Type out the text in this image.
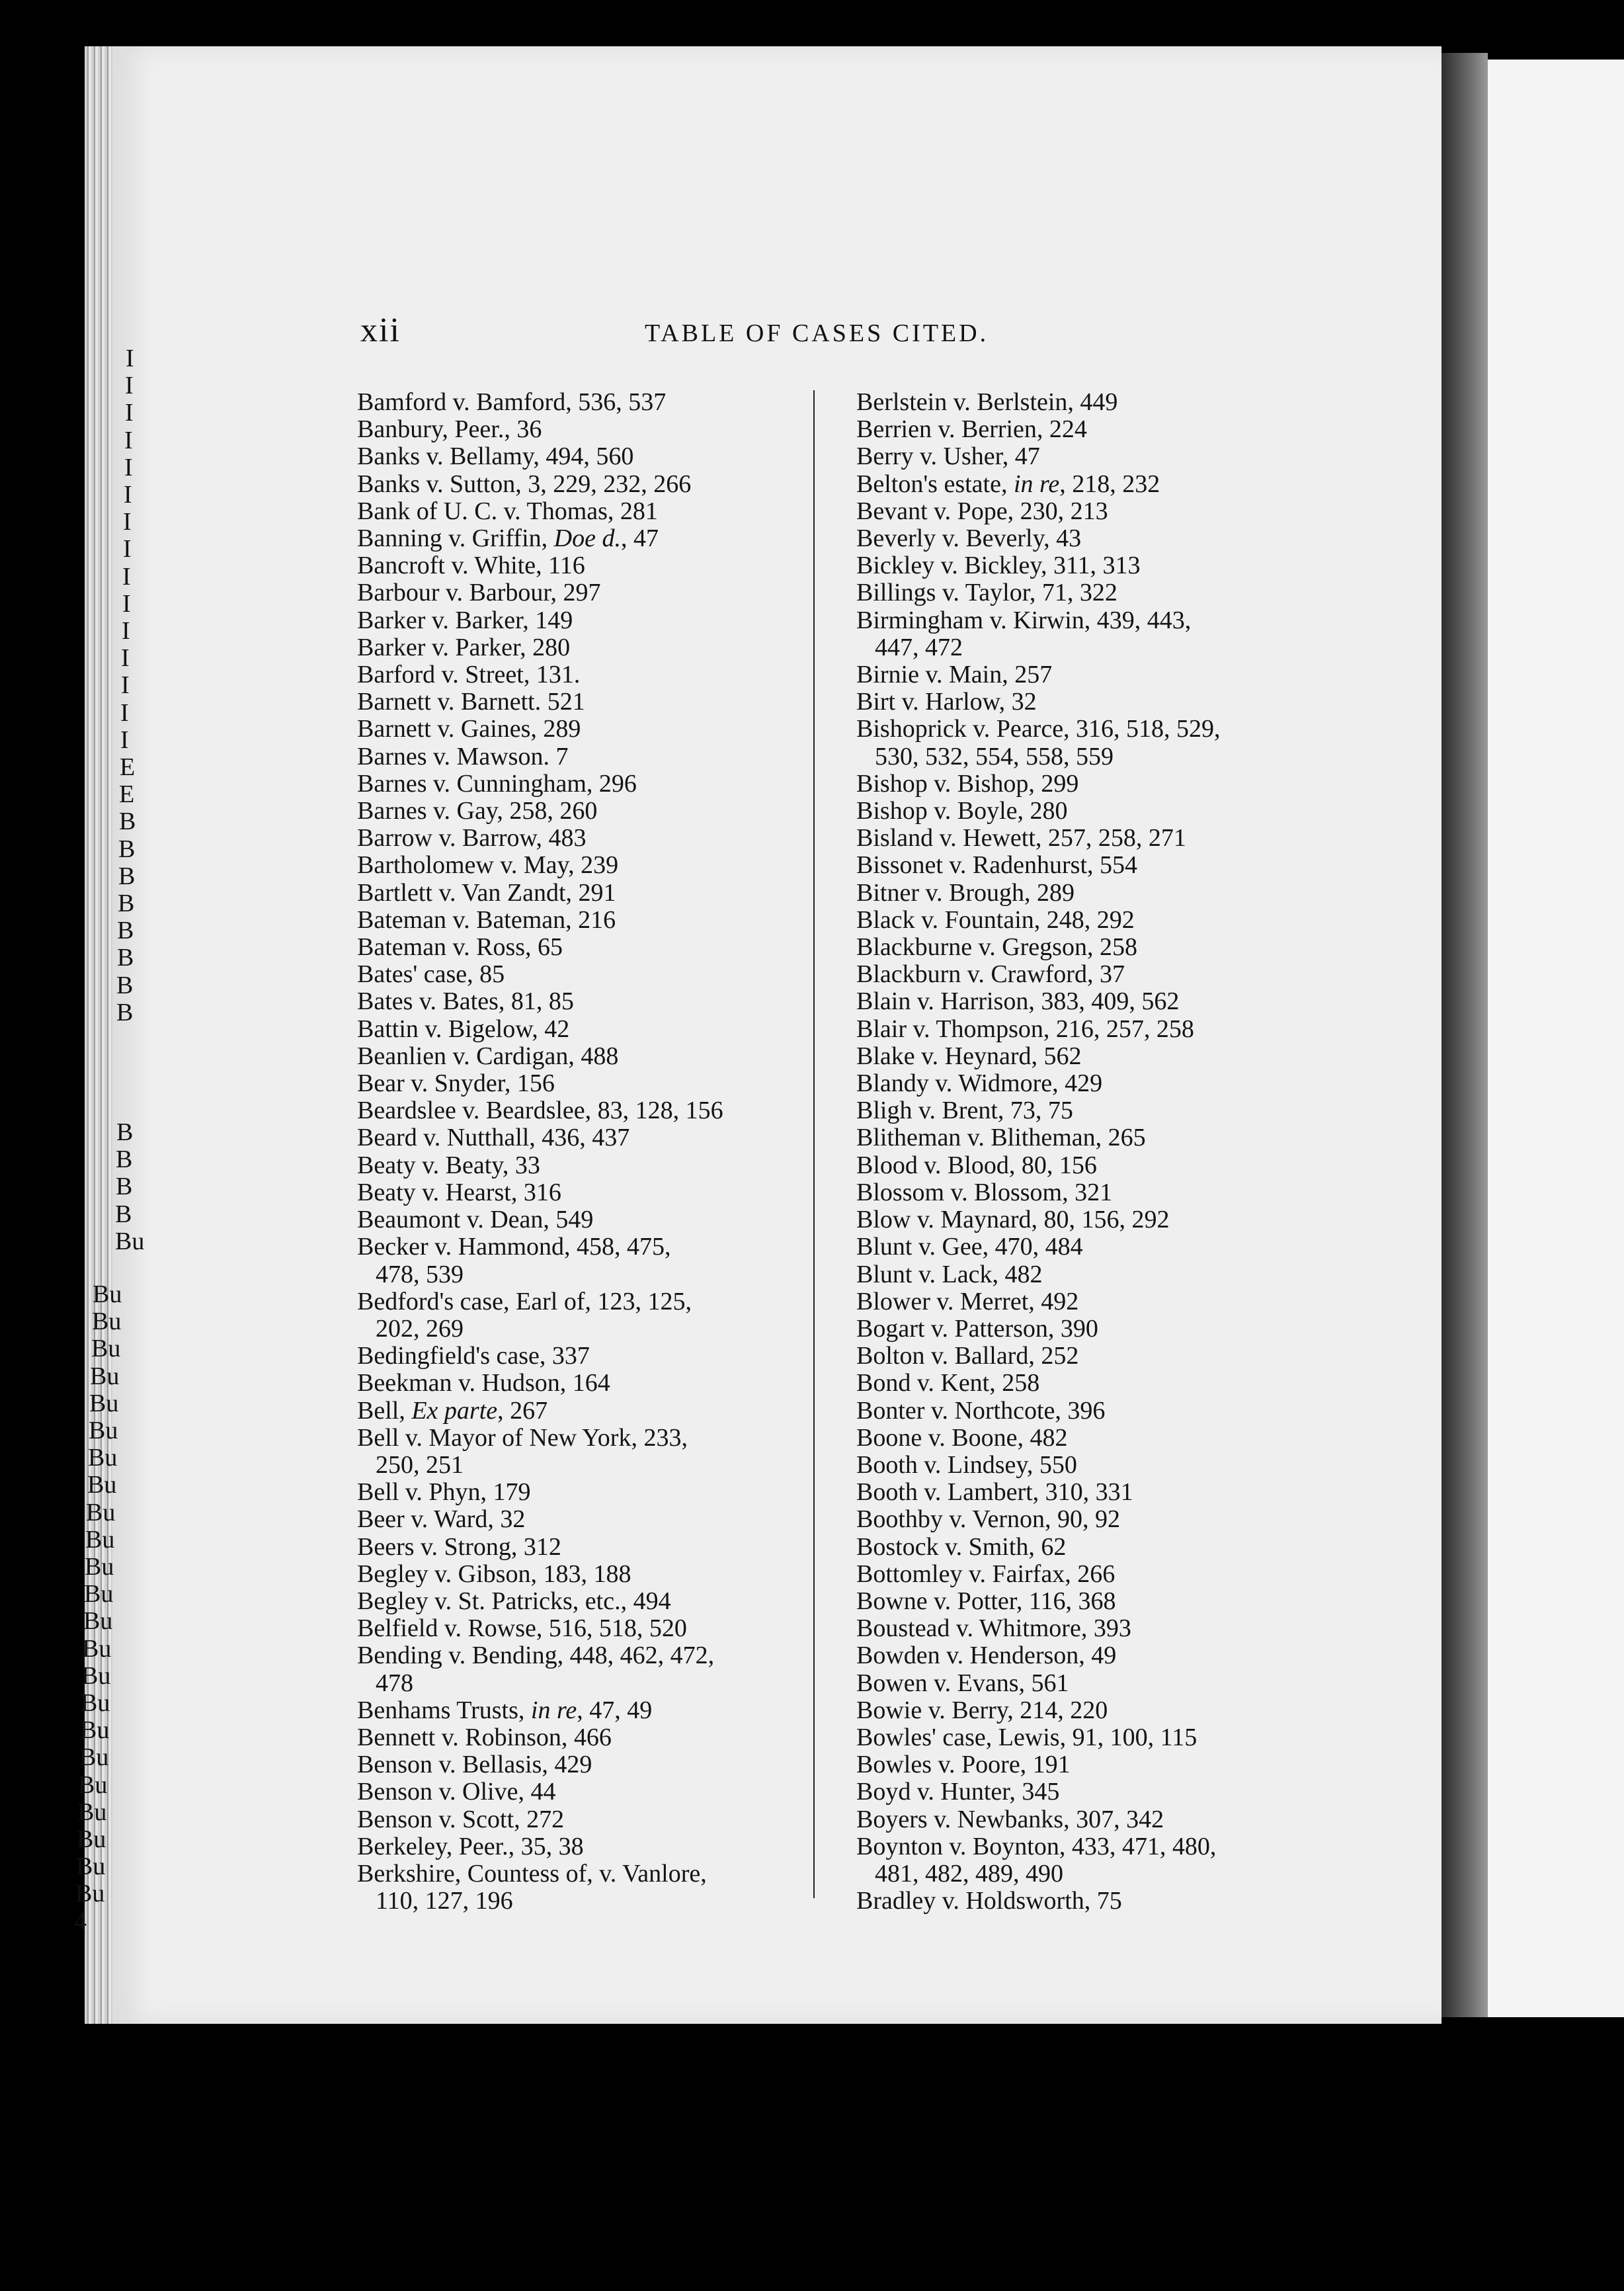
I
I
I
I
I
I
I
I
I
I
I
I
I
I
I
E
E
B
B
B
B
B
B
B
B
B
B
B
B
Bu
Bu
Bu
Bu
Bu
Bu
Bu
Bu
Bu
Bu
Bu
Bu
Bu
Bu
Bu
Bu
Bu
Bu
Bu
Bu
Bu
Bu
Bu
Bu
4
xii	TABLE OF CASES CITED.

Bamford v. Bamford, 536, 537

Banbury, Peer., 36

Banks v. Bellamy, 494, 560

Banks v. Sutton, 3, 229, 232, 266

Bank of U. C. v. Thomas, 281

Banning v. Griffin, Doe d., 47

Bancroft v. White, 116

Barbour v. Barbour, 297

Barker v. Barker, 149

Barker v. Parker, 280

Barford v. Street, 131.

Barnett v. Barnett. 521

Barnett v. Gaines, 289

Barnes v. Mawson. 7

Barnes v. Cunningham, 296

Barnes v. Gay, 258, 260

Barrow v. Barrow, 483

Bartholomew v. May, 239

Bartlett v. Van Zandt, 291

Bateman v. Bateman, 216

Bateman v. Ross, 65

Bates' case, 85

Bates v. Bates, 81, 85

Battin v. Bigelow, 42

Beanlien v. Cardigan, 488

Bear v. Snyder, 156

Beardslee v. Beardslee, 83, 128, 156

Beard v. Nutthall, 436, 437

Beaty v. Beaty, 33

Beaty v. Hearst, 316

Beaumont v. Dean, 549

Becker v. Hammond, 458, 475,
478, 539

Bedford's case, Earl of, 123, 125,
202, 269

Bedingfield's case, 337

Beekman v. Hudson, 164

Bell, Ex parte, 267

Bell v. Mayor of New York, 233,
250, 251

Bell v. Phyn, 179

Beer v. Ward, 32

Beers v. Strong, 312

Begley v. Gibson, 183, 188

Begley v. St. Patricks, etc., 494

Belfield v. Rowse, 516, 518, 520

Bending v. Bending, 448, 462, 472,
478

Benhams Trusts, in re, 47, 49

Bennett v. Robinson, 466

Benson v. Bellasis, 429

Benson v. Olive, 44

Benson v. Scott, 272

Berkeley, Peer., 35, 38

Berkshire, Countess of, v. Vanlore,
110, 127, 196

Berlstein v. Berlstein, 449

Berrien v. Berrien, 224

Berry v. Usher, 47

Belton's estate, in re, 218, 232

Bevant v. Pope, 230, 213

Beverly v. Beverly, 43

Bickley v. Bickley, 311, 313

Billings v. Taylor, 71, 322

Birmingham v. Kirwin, 439, 443,
447, 472

Birnie v. Main, 257

Birt v. Harlow, 32

Bishoprick v. Pearce, 316, 518, 529,
530, 532, 554, 558, 559

Bishop v. Bishop, 299

Bishop v. Boyle, 280

Bisland v. Hewett, 257, 258, 271

Bissonet v. Radenhurst, 554

Bitner v. Brough, 289

Black v. Fountain, 248, 292

Blackburne v. Gregson, 258

Blackburn v. Crawford, 37

Blain v. Harrison, 383, 409, 562

Blair v. Thompson, 216, 257, 258

Blake v. Heynard, 562

Blandy v. Widmore, 429

Bligh v. Brent, 73, 75

Blitheman v. Blitheman, 265

Blood v. Blood, 80, 156

Blossom v. Blossom, 321

Blow v. Maynard, 80, 156, 292

Blunt v. Gee, 470, 484

Blunt v. Lack, 482

Blower v. Merret, 492

Bogart v. Patterson, 390

Bolton v. Ballard, 252

Bond v. Kent, 258

Bonter v. Northcote, 396

Boone v. Boone, 482

Booth v. Lindsey, 550

Booth v. Lambert, 310, 331

Boothby v. Vernon, 90, 92

Bostock v. Smith, 62

Bottomley v. Fairfax, 266

Bowne v. Potter, 116, 368

Boustead v. Whitmore, 393

Bowden v. Henderson, 49

Bowen v. Evans, 561

Bowie v. Berry, 214, 220

Bowles' case, Lewis, 91, 100, 115

Bowles v. Poore, 191

Boyd v. Hunter, 345

Boyers v. Newbanks, 307, 342

Boynton v. Boynton, 433, 471, 480,
481, 482, 489, 490

Bradley v. Holdsworth, 75
